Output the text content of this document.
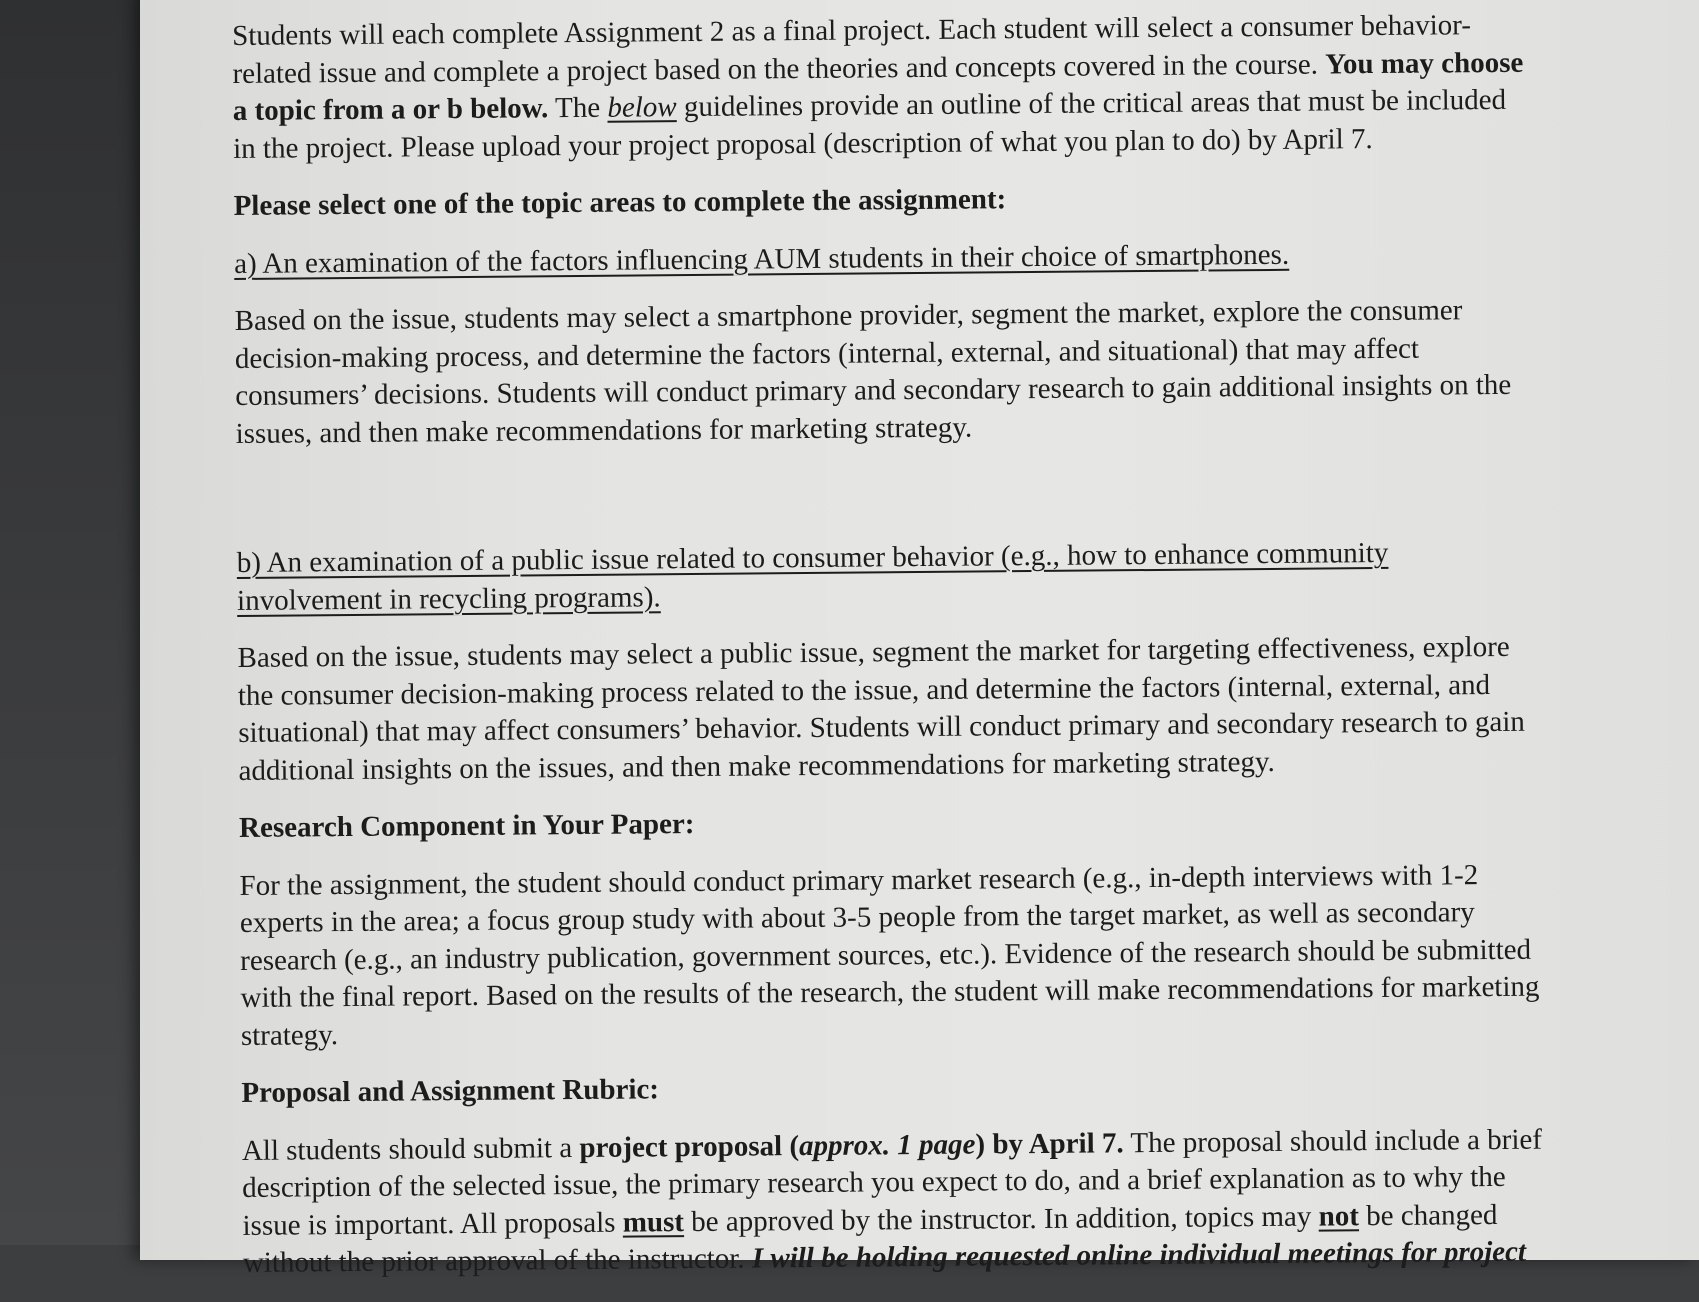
Students will each complete Assignment 2 as a final project. Each student will select a consumer behavior-
related issue and complete a project based on the theories and concepts covered in the course. You may choose
a topic from a or b below. The below guidelines provide an outline of the critical areas that must be included
in the project. Please upload your project proposal (description of what you plan to do) by April 7.

Please select one of the topic areas to complete the assignment:

a) An examination of the factors influencing AUM students in their choice of smartphones.

Based on the issue, students may select a smartphone provider, segment the market, explore the consumer
decision-making process, and determine the factors (internal, external, and situational) that may affect
consumers’ decisions. Students will conduct primary and secondary research to gain additional insights on the
issues, and then make recommendations for marketing strategy.

b) An examination of a public issue related to consumer behavior (e.g., how to enhance community
involvement in recycling programs).

Based on the issue, students may select a public issue, segment the market for targeting effectiveness, explore
the consumer decision-making process related to the issue, and determine the factors (internal, external, and
situational) that may affect consumers’ behavior. Students will conduct primary and secondary research to gain
additional insights on the issues, and then make recommendations for marketing strategy.

Research Component in Your Paper:

For the assignment, the student should conduct primary market research (e.g., in-depth interviews with 1-2
experts in the area; a focus group study with about 3-5 people from the target market, as well as secondary
research (e.g., an industry publication, government sources, etc.). Evidence of the research should be submitted
with the final report. Based on the results of the research, the student will make recommendations for marketing
strategy.

Proposal and Assignment Rubric:

All students should submit a project proposal (approx. 1 page) by April 7. The proposal should include a brief
description of the selected issue, the primary research you expect to do, and a brief explanation as to why the
issue is important. All proposals must be approved by the instructor. In addition, topics may not be changed
without the prior approval of the instructor. I will be holding requested online individual meetings for project
